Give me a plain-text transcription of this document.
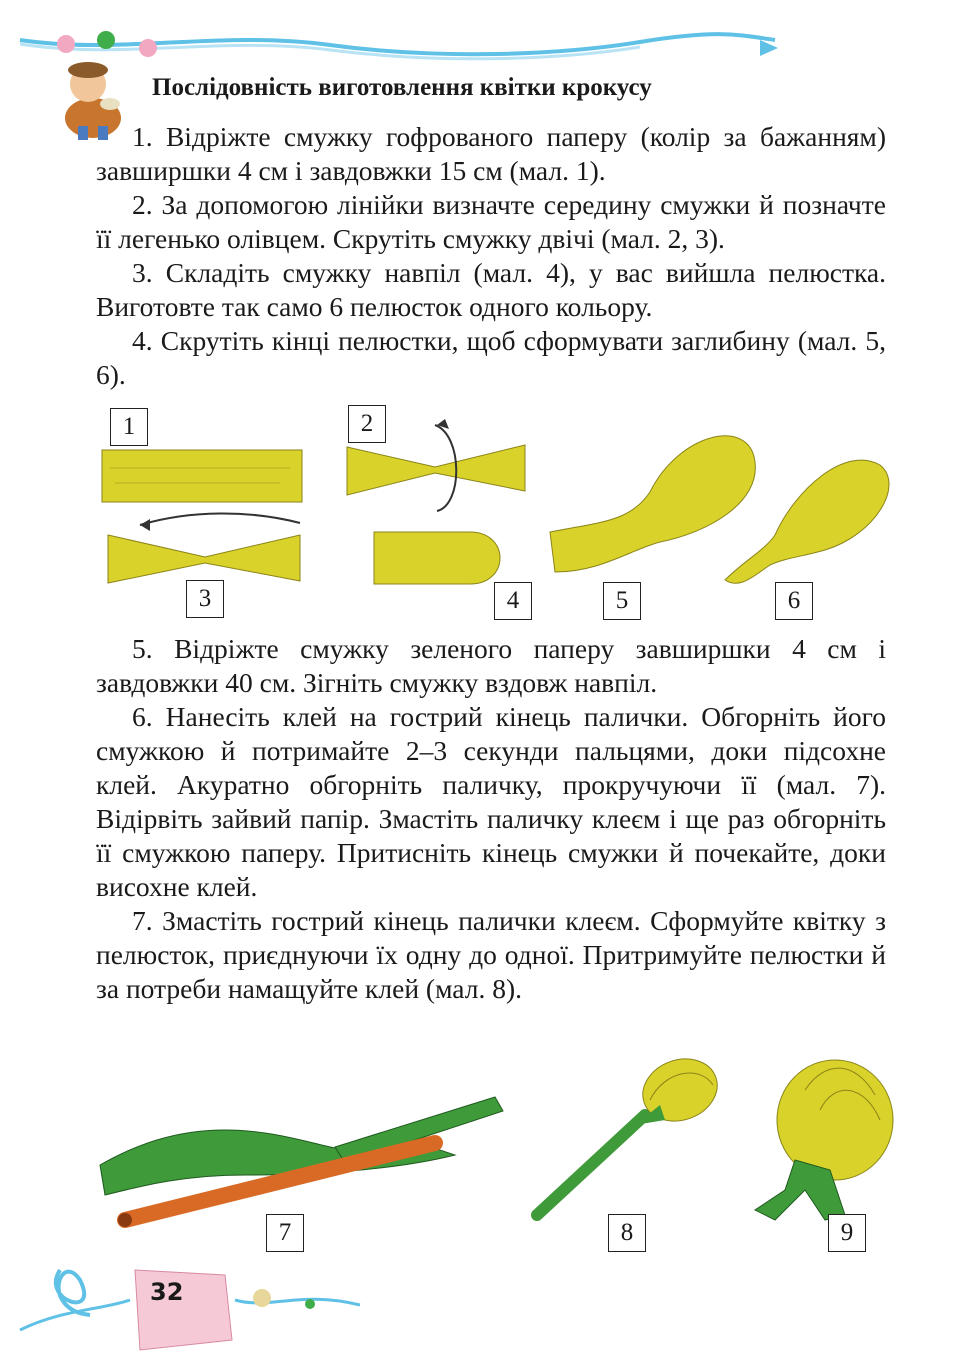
Послідовність виготовлення квітки крокусу

1. Відріжте смужку гофрованого паперу (колір за бажанням) завширшки 4 см і завдовжки 15 см (мал. 1).

2. За допомогою лінійки визначте середину смужки й позначте її легенько олівцем. Скрутіть смужку двічі (мал. 2, 3).

3. Складіть смужку навпіл (мал. 4), у вас вийшла пелюстка. Виготовте так само 6 пелюсток одного кольору.

4. Скрутіть кінці пелюстки, щоб сформувати заглибину (мал. 5, 6).

1	2
3	4	5	6

5. Відріжте смужку зеленого паперу завширшки 4 см і завдовжки 40 см. Зігніть смужку вздовж навпіл.

6. Нанесіть клей на гострий кінець палички. Обгорніть його смужкою й потримайте 2–3 секунди пальцями, доки підсохне клей. Акуратно обгорніть паличку, прокручуючи її (мал. 7). Відірвіть зайвий папір. Змастіть паличку клеєм і ще раз обгорніть її смужкою паперу. Притисніть кінець смужки й почекайте, доки висохне клей.

7. Змастіть гострий кінець палички клеєм. Сформуйте квітку з пелюсток, приєднуючи їх одну до одної. Притримуйте пелюстки й за потреби намащуйте клей (мал. 8).

7	8	9
32
